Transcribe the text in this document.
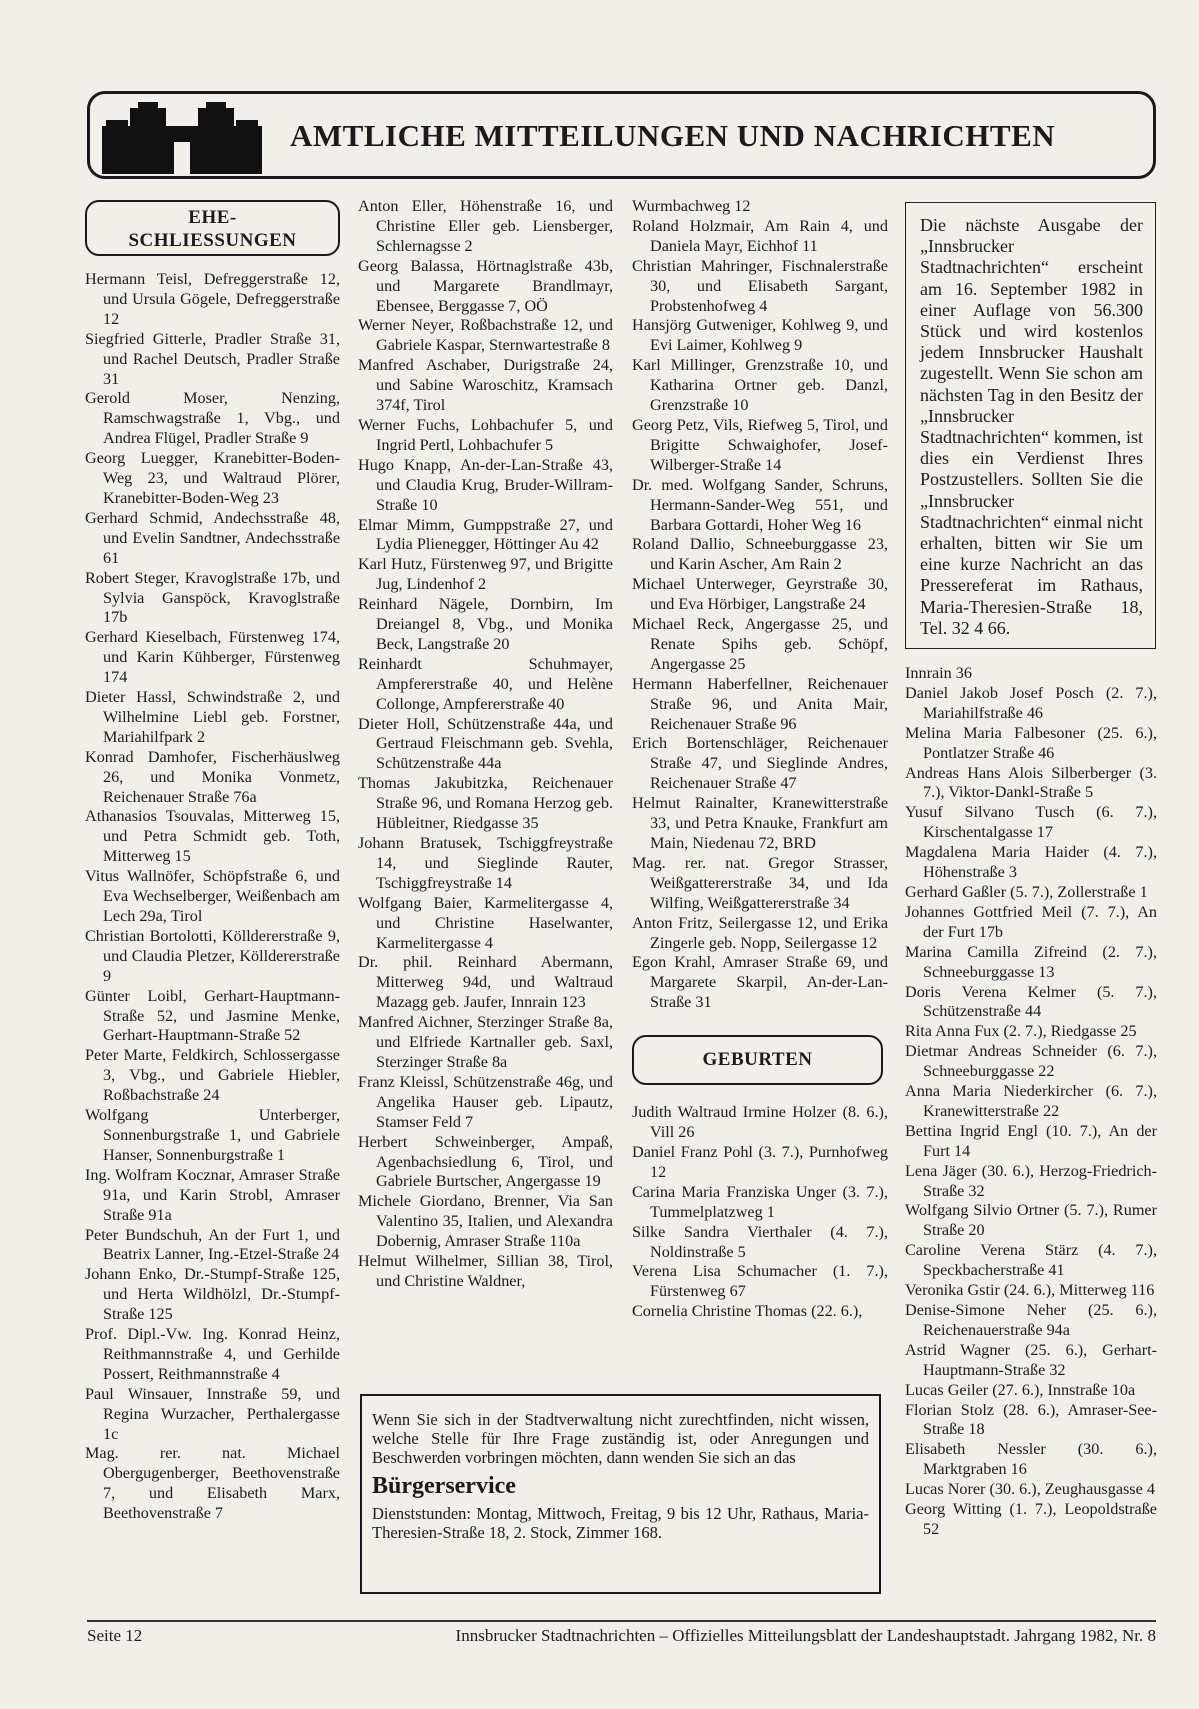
AMTLICHE MITTEILUNGEN UND NACHRICHTEN
EHE-
SCHLIESSUNGEN

Hermann Teisl, Defreggerstraße 12, und Ursula Gögele, Defreggerstraße 12

Siegfried Gitterle, Pradler Straße 31, und Rachel Deutsch, Pradler Straße 31

Gerold Moser, Nenzing, Ramschwagstraße 1, Vbg., und Andrea Flügel, Pradler Straße 9

Georg Luegger, Kranebitter-Boden-Weg 23, und Waltraud Plörer, Kranebitter-Boden-Weg 23

Gerhard Schmid, Andechsstraße 48, und Evelin Sandtner, Andechsstraße 61

Robert Steger, Kravoglstraße 17b, und Sylvia Ganspöck, Kravoglstraße 17b

Gerhard Kieselbach, Fürstenweg 174, und Karin Kühberger, Fürstenweg 174

Dieter Hassl, Schwindstraße 2, und Wilhelmine Liebl geb. Forstner, Mariahilfpark 2

Konrad Damhofer, Fischerhäuslweg 26, und Monika Vonmetz, Reichenauer Straße 76a

Athanasios Tsouvalas, Mitterweg 15, und Petra Schmidt geb. Toth, Mitterweg 15

Vitus Wallnöfer, Schöpfstraße 6, und Eva Wechselberger, Weißenbach am Lech 29a, Tirol

Christian Bortolotti, Kölldererstraße 9, und Claudia Pletzer, Kölldererstraße 9

Günter Loibl, Gerhart-Hauptmann-Straße 52, und Jasmine Menke, Gerhart-Hauptmann-Straße 52

Peter Marte, Feldkirch, Schlossergasse 3, Vbg., und Gabriele Hiebler, Roßbachstraße 24

Wolfgang Unterberger, Sonnenburgstraße 1, und Gabriele Hanser, Sonnenburgstraße 1

Ing. Wolfram Kocznar, Amraser Straße 91a, und Karin Strobl, Amraser Straße 91a

Peter Bundschuh, An der Furt 1, und Beatrix Lanner, Ing.-Etzel-Straße 24

Johann Enko, Dr.-Stumpf-Straße 125, und Herta Wildhölzl, Dr.-Stumpf-Straße 125

Prof. Dipl.-Vw. Ing. Konrad Heinz, Reithmannstraße 4, und Gerhilde Possert, Reithmannstraße 4

Paul Winsauer, Innstraße 59, und Regina Wurzacher, Perthalergasse 1c

Mag. rer. nat. Michael Obergugenberger, Beethovenstraße 7, und Elisabeth Marx, Beethovenstraße 7

Anton Eller, Höhenstraße 16, und Christine Eller geb. Liensberger, Schlernagsse 2

Georg Balassa, Hörtnaglstraße 43b, und Margarete Brandlmayr, Ebensee, Berggasse 7, OÖ

Werner Neyer, Roßbachstraße 12, und Gabriele Kaspar, Sternwartestraße 8

Manfred Aschaber, Durigstraße 24, und Sabine Waroschitz, Kramsach 374f, Tirol

Werner Fuchs, Lohbachufer 5, und Ingrid Pertl, Lohbachufer 5

Hugo Knapp, An-der-Lan-Straße 43, und Claudia Krug, Bruder-Willram-Straße 10

Elmar Mimm, Gumppstraße 27, und Lydia Plienegger, Höttinger Au 42

Karl Hutz, Fürstenweg 97, und Brigitte Jug, Lindenhof 2

Reinhard Nägele, Dornbirn, Im Dreiangel 8, Vbg., und Monika Beck, Langstraße 20

Reinhardt Schuhmayer, Ampfererstraße 40, und Helène Collonge, Ampfererstraße 40

Dieter Holl, Schützenstraße 44a, und Gertraud Fleischmann geb. Svehla, Schützenstraße 44a

Thomas Jakubitzka, Reichenauer Straße 96, und Romana Herzog geb. Hübleitner, Riedgasse 35

Johann Bratusek, Tschiggfreystraße 14, und Sieglinde Rauter, Tschiggfreystraße 14

Wolfgang Baier, Karmelitergasse 4, und Christine Haselwanter, Karmelitergasse 4

Dr. phil. Reinhard Abermann, Mitterweg 94d, und Waltraud Mazagg geb. Jaufer, Innrain 123

Manfred Aichner, Sterzinger Straße 8a, und Elfriede Kartnaller geb. Saxl, Sterzinger Straße 8a

Franz Kleissl, Schützenstraße 46g, und Angelika Hauser geb. Lipautz, Stamser Feld 7

Herbert Schweinberger, Ampaß, Agenbachsiedlung 6, Tirol, und Gabriele Burtscher, Angergasse 19

Michele Giordano, Brenner, Via San Valentino 35, Italien, und Alexandra Dobernig, Amraser Straße 110a

Helmut Wilhelmer, Sillian 38, Tirol, und Christine Waldner,

Wurmbachweg 12

Roland Holzmair, Am Rain 4, und Daniela Mayr, Eichhof 11

Christian Mahringer, Fischnalerstraße 30, und Elisabeth Sargant, Probstenhofweg 4

Hansjörg Gutweniger, Kohlweg 9, und Evi Laimer, Kohlweg 9

Karl Millinger, Grenzstraße 10, und Katharina Ortner geb. Danzl, Grenzstraße 10

Georg Petz, Vils, Riefweg 5, Tirol, und Brigitte Schwaighofer, Josef-Wilberger-Straße 14

Dr. med. Wolfgang Sander, Schruns, Hermann-Sander-Weg 551, und Barbara Gottardi, Hoher Weg 16

Roland Dallio, Schneeburggasse 23, und Karin Ascher, Am Rain 2

Michael Unterweger, Geyrstraße 30, und Eva Hörbiger, Langstraße 24

Michael Reck, Angergasse 25, und Renate Spihs geb. Schöpf, Angergasse 25

Hermann Haberfellner, Reichenauer Straße 96, und Anita Mair, Reichenauer Straße 96

Erich Bortenschläger, Reichenauer Straße 47, und Sieglinde Andres, Reichenauer Straße 47

Helmut Rainalter, Kranewitterstraße 33, und Petra Knauke, Frankfurt am Main, Niedenau 72, BRD

Mag. rer. nat. Gregor Strasser, Weißgattererstraße 34, und Ida Wilfing, Weißgattererstraße 34

Anton Fritz, Seilergasse 12, und Erika Zingerle geb. Nopp, Seilergasse 12

Egon Krahl, Amraser Straße 69, und Margarete Skarpil, An-der-Lan-Straße 31

GEBURTEN

Judith Waltraud Irmine Holzer (8. 6.), Vill 26

Daniel Franz Pohl (3. 7.), Purnhofweg 12

Carina Maria Franziska Unger (3. 7.), Tummelplatzweg 1

Silke Sandra Vierthaler (4. 7.), Noldinstraße 5

Verena Lisa Schumacher (1. 7.), Fürstenweg 67

Cornelia Christine Thomas (22. 6.),

Die nächste Ausgabe der „Innsbrucker Stadtnachrichten“ erscheint am 16. September 1982 in einer Auflage von 56.300 Stück und wird kostenlos jedem Innsbrucker Haushalt zugestellt. Wenn Sie schon am nächsten Tag in den Besitz der „Innsbrucker Stadtnachrichten“ kommen, ist dies ein Verdienst Ihres Postzustellers. Sollten Sie die „Innsbrucker Stadtnachrichten“ einmal nicht erhalten, bitten wir Sie um eine kurze Nachricht an das Pressereferat im Rathaus, Maria-Theresien-Straße 18, Tel. 32 4 66.

Innrain 36

Daniel Jakob Josef Posch (2. 7.), Mariahilfstraße 46

Melina Maria Falbesoner (25. 6.), Pontlatzer Straße 46

Andreas Hans Alois Silberberger (3. 7.), Viktor-Dankl-Straße 5

Yusuf Silvano Tusch (6. 7.), Kirschentalgasse 17

Magdalena Maria Haider (4. 7.), Höhenstraße 3

Gerhard Gaßler (5. 7.), Zollerstraße 1

Johannes Gottfried Meil (7. 7.), An der Furt 17b

Marina Camilla Zifreind (2. 7.), Schneeburggasse 13

Doris Verena Kelmer (5. 7.), Schützenstraße 44

Rita Anna Fux (2. 7.), Riedgasse 25

Dietmar Andreas Schneider (6. 7.), Schneeburggasse 22

Anna Maria Niederkircher (6. 7.), Kranewitterstraße 22

Bettina Ingrid Engl (10. 7.), An der Furt 14

Lena Jäger (30. 6.), Herzog-Friedrich-Straße 32

Wolfgang Silvio Ortner (5. 7.), Rumer Straße 20

Caroline Verena Stärz (4. 7.), Speckbacherstraße 41

Veronika Gstir (24. 6.), Mitterweg 116

Denise-Simone Neher (25. 6.), Reichenauerstraße 94a

Astrid Wagner (25. 6.), Gerhart-Hauptmann-Straße 32

Lucas Geiler (27. 6.), Innstraße 10a

Florian Stolz (28. 6.), Amraser-See-Straße 18

Elisabeth Nessler (30. 6.), Marktgraben 16

Lucas Norer (30. 6.), Zeughausgasse 4

Georg Witting (1. 7.), Leopoldstraße 52

Wenn Sie sich in der Stadtverwaltung nicht zurechtfinden, nicht wissen, welche Stelle für Ihre Frage zuständig ist, oder Anregungen und Beschwerden vorbringen möchten, dann wenden Sie sich an das
Bürgerservice
Dienststunden: Montag, Mittwoch, Freitag, 9 bis 12 Uhr, Rathaus, Maria-Theresien-Straße 18, 2. Stock, Zimmer 168.
Seite 12	Innsbrucker Stadtnachrichten – Offizielles Mitteilungsblatt der Landeshauptstadt. Jahrgang 1982, Nr. 8
